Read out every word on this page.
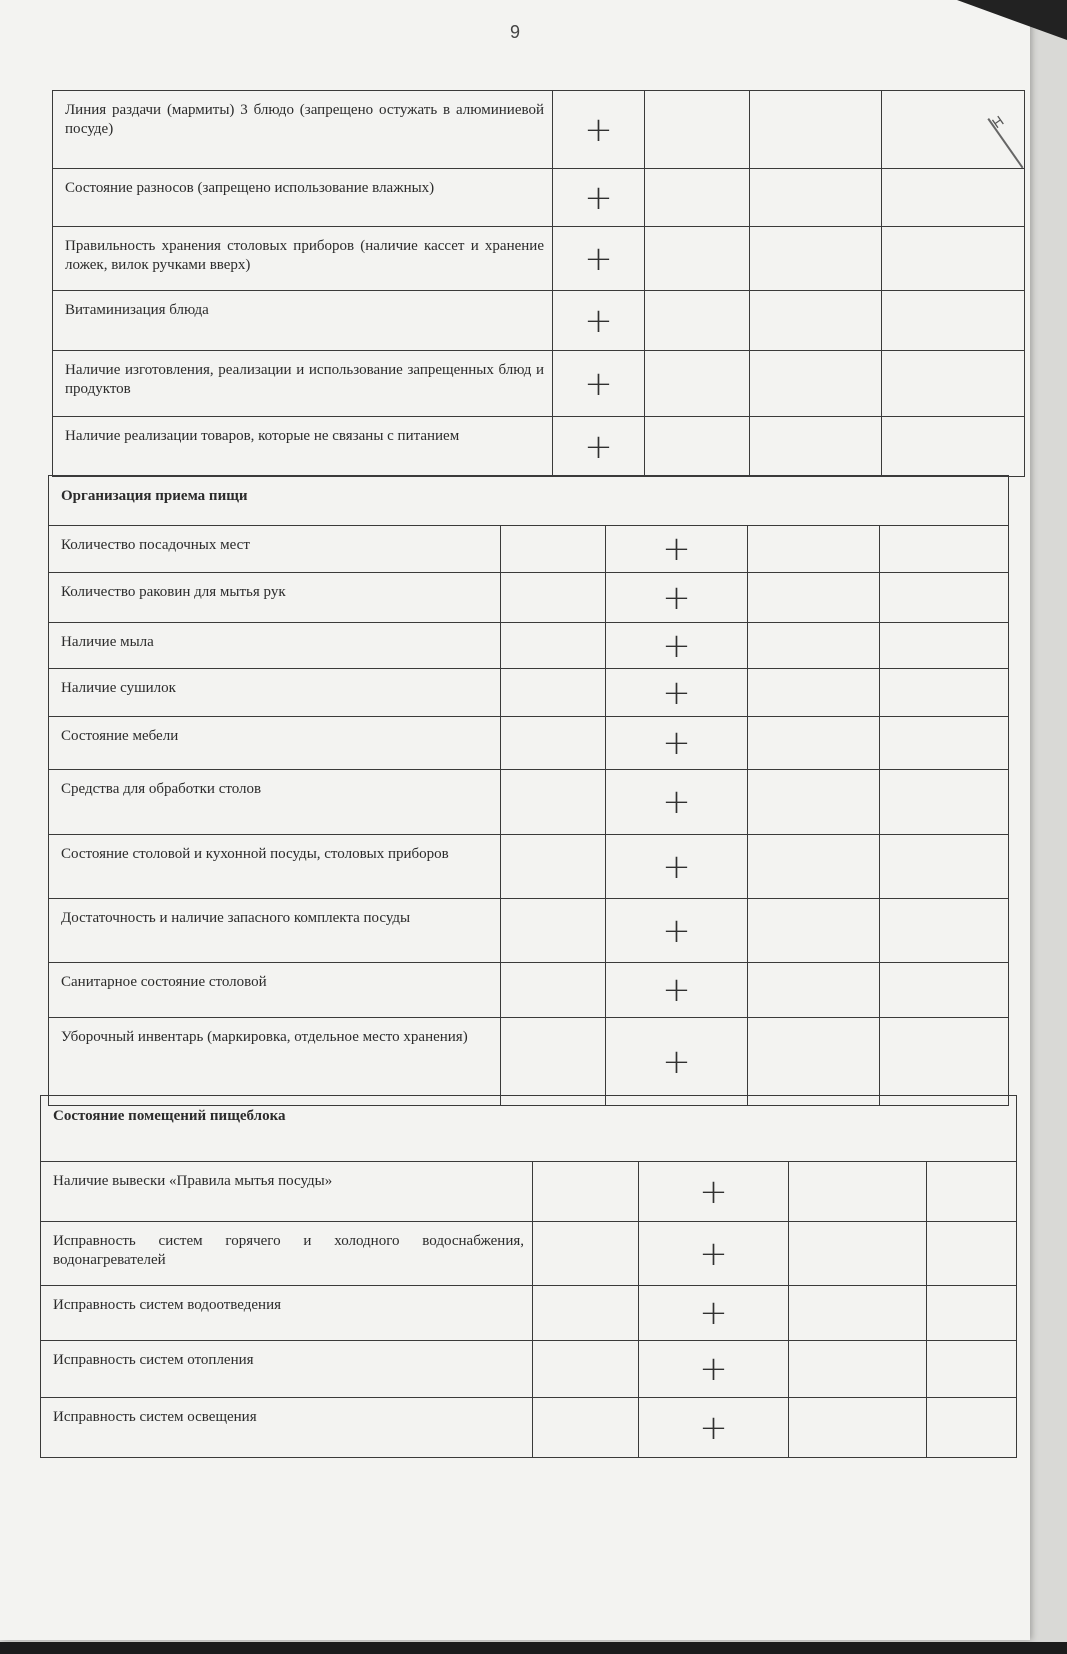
9
Линия раздачи (мармиты) 3 блюдо (запрещено остужать в алюминиевой посуде)	+			
Состояние разносов (запрещено использование влажных)	+			
Правильность хранения столовых приборов (наличие кассет и хранение ложек, вилок ручками вверх)	+			
Витаминизация блюда	+			
Наличие изготовления, реализации и использование запрещенных блюд и продуктов	+			
Наличие реализации товаров, которые не связаны с питанием	+			
Организация приема пищи				
Количество посадочных мест		+		
Количество раковин для мытья рук		+		
Наличие мыла		+		
Наличие сушилок		+		
Состояние мебели		+		
Средства для обработки столов		+		
Состояние столовой и кухонной посуды, столовых приборов		+		
Достаточность и наличие запасного комплекта посуды		+		
Санитарное состояние столовой		+		
Уборочный инвентарь (маркировка, отдельное место хранения)		+		
Состояние помещений пищеблока				
Наличие вывески «Правила мытья посуды»		+		
Исправность систем горячего и холодного водоснабжения, водонагревателей		+		
Исправность систем водоотведения		+		
Исправность систем отопления		+		
Исправность систем освещения		+		
Н
